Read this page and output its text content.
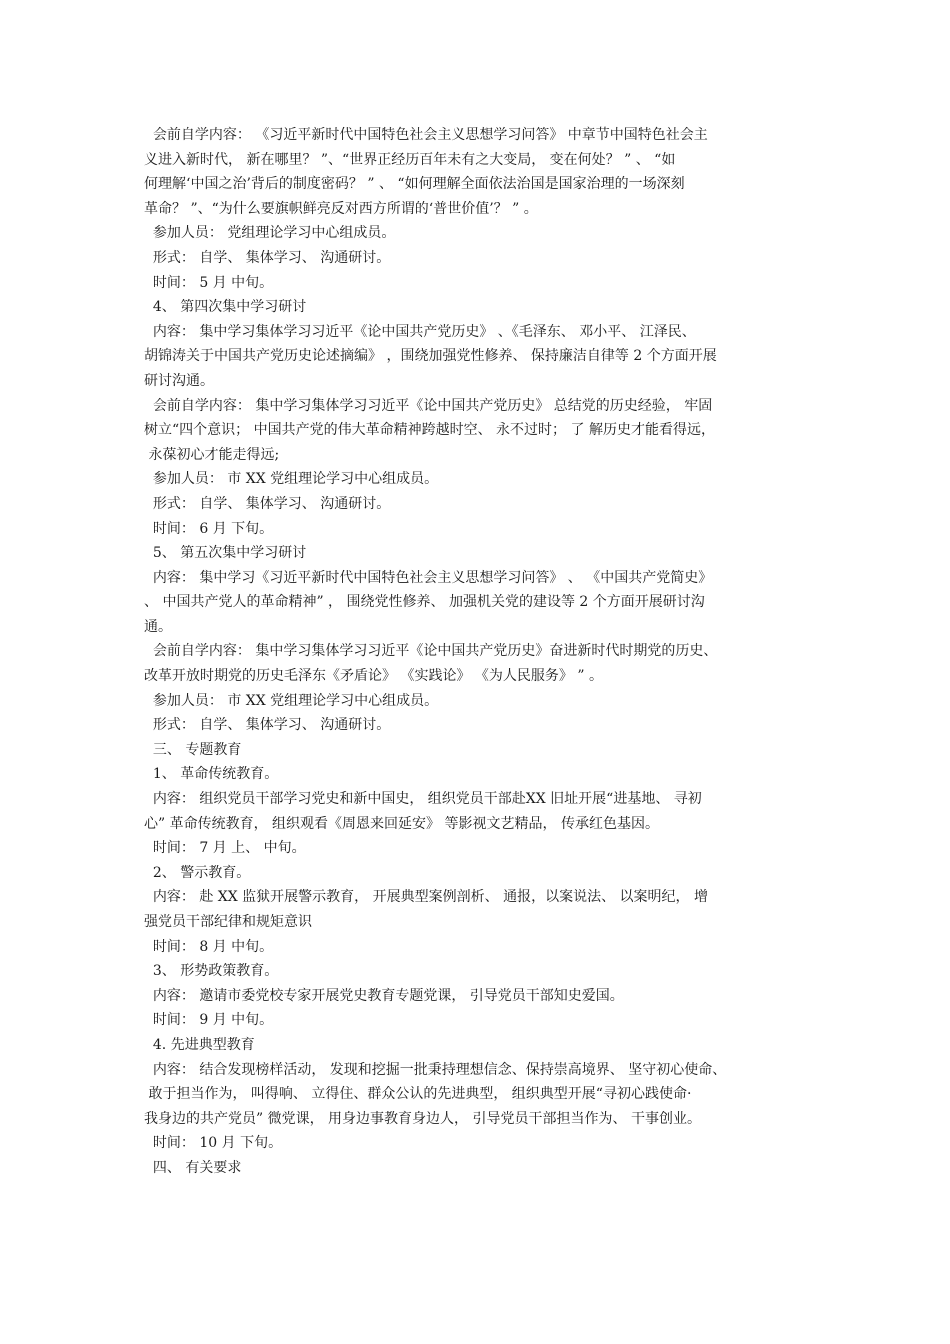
会前自学内容： 《习近平新时代中国特色社会主义思想学习问答》 中章节中国特色社会主
义进入新时代， 新在哪里？ ”、“世界正经历百年未有之大变局， 变在何处？ ” 、 “如
何理解‘中国之治’背后的制度密码？ ” 、 “如何理解全面依法治国是国家治理的一场深刻
革命？ ”、“为什么要旗帜鲜亮反对西方所谓的‘普世价值’？ ” 。
参加人员： 党组理论学习中心组成员。
形式： 自学、 集体学习、 沟通研讨。
时间： 5 月 中旬。
4、 第四次集中学习研讨
内容： 集中学习集体学习习近平《论中国共产党历史》 、《毛泽东、 邓小平、 江泽民、
胡锦涛关于中国共产党历史论述摘编》 ，围绕加强党性修养、 保持廉洁自律等 2 个方面开展
研讨沟通。
会前自学内容： 集中学习集体学习习近平《论中国共产党历史》 总结党的历史经验， 牢固
树立“四个意识； 中国共产党的伟大革命精神跨越时空、 永不过时； 了 解历史才能看得远，
永葆初心才能走得远;
参加人员： 市 XX 党组理论学习中心组成员。
形式： 自学、 集体学习、 沟通研讨。
时间： 6 月 下旬。
5、 第五次集中学习研讨
内容： 集中学习《习近平新时代中国特色社会主义思想学习问答》 、 《中国共产党简史》
、 中国共产党人的革命精神” ， 围绕党性修养、 加强机关党的建设等 2 个方面开展研讨沟
通。
会前自学内容： 集中学习集体学习习近平《论中国共产党历史》奋进新时代时期党的历史、
改革开放时期党的历史毛泽东《矛盾论》 《实践论》 《为人民服务》 ” 。
参加人员： 市 XX 党组理论学习中心组成员。
形式： 自学、 集体学习、 沟通研讨。
三、 专题教育
1、 革命传统教育。
内容： 组织党员干部学习党史和新中国史， 组织党员干部赴XX 旧址开展“进基地、 寻初
心” 革命传统教育， 组织观看《周恩来回延安》 等影视文艺精品， 传承红色基因。
时间： 7 月 上、 中旬。
2、 警示教育。
内容： 赴 XX 监狱开展警示教育， 开展典型案例剖析、 通报，以案说法、 以案明纪， 增
强党员干部纪律和规矩意识
时间： 8 月 中旬。
3、 形势政策教育。
内容： 邀请市委党校专家开展党史教育专题党课， 引导党员干部知史爱国。
时间： 9 月 中旬。
4. 先进典型教育
内容： 结合发现榜样活动， 发现和挖掘一批秉持理想信念、保持崇高境界、 坚守初心使命、
敢于担当作为， 叫得响、 立得住、群众公认的先进典型， 组织典型开展“寻初心践使命·
我身边的共产党员” 微党课， 用身边事教育身边人， 引导党员干部担当作为、 干事创业。
时间： 10 月 下旬。
四、 有关要求
